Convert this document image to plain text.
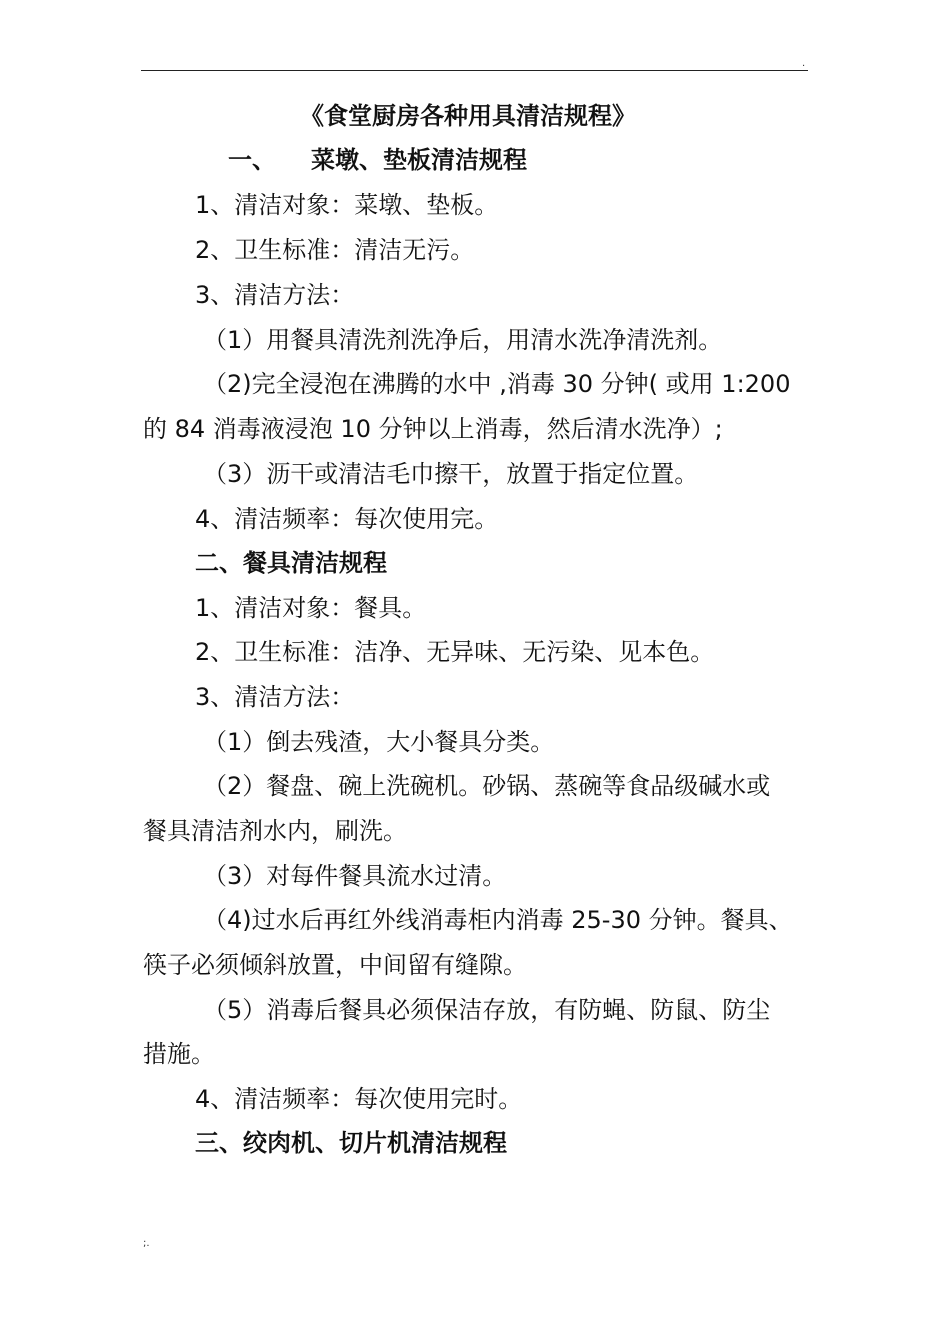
.
《食堂厨房各种用具清洁规程》
一、 菜墩、垫板清洁规程
1、清洁对象：菜墩、垫板。
2、卫生标准：清洁无污。
3、清洁方法：
（1）用餐具清洗剂洗净后，用清水洗净清洗剂。
（2)完全浸泡在沸腾的水中 ,消毒 30 分钟( 或用 1:200
的 84 消毒液浸泡 10 分钟以上消毒，然后清水洗净）;
（3）沥干或清洁毛巾擦干，放置于指定位置。
4、清洁频率：每次使用完。
二、餐具清洁规程
1、清洁对象：餐具。
2、卫生标准：洁净、无异味、无污染、见本色。
3、清洁方法：
（1）倒去残渣，大小餐具分类。
（2）餐盘、碗上洗碗机。砂锅、蒸碗等食品级碱水或
餐具清洁剂水内，刷洗。
（3）对每件餐具流水过清。
（4)过水后再红外线消毒柜内消毒 25-30 分钟。餐具、
筷子必须倾斜放置，中间留有缝隙。
（5）消毒后餐具必须保洁存放，有防蝇、防鼠、防尘
措施。
4、清洁频率：每次使用完时。
三、绞肉机、切片机清洁规程
;.
